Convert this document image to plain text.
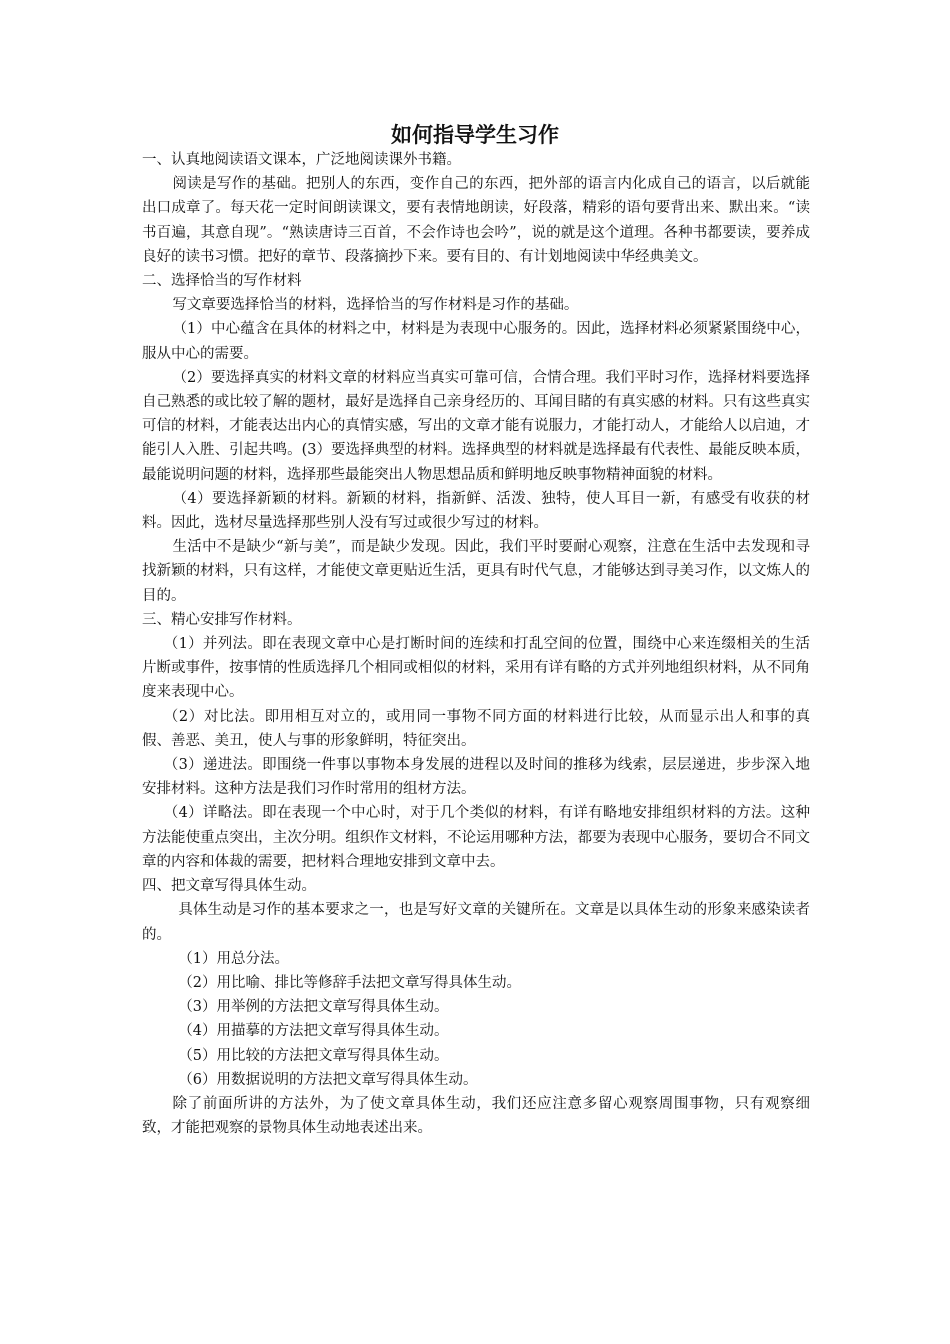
如何指导学生习作

一、认真地阅读语文课本，广泛地阅读课外书籍。

阅读是写作的基础。把别人的东西，变作自己的东西，把外部的语言内化成自己的语言，以后就能出口成章了。每天花一定时间朗读课文，要有表情地朗读，好段落，精彩的语句要背出来、默出来。“读书百遍，其意自现”。“熟读唐诗三百首，不会作诗也会吟”，说的就是这个道理。各种书都要读，要养成良好的读书习惯。把好的章节、段落摘抄下来。要有目的、有计划地阅读中华经典美文。

二、选择恰当的写作材料

写文章要选择恰当的材料，选择恰当的写作材料是习作的基础。

（1）中心蕴含在具体的材料之中，材料是为表现中心服务的。因此，选择材料必须紧紧围绕中心，服从中心的需要。

（2）要选择真实的材料文章的材料应当真实可靠可信，合情合理。我们平时习作，选择材料要选择自己熟悉的或比较了解的题材，最好是选择自己亲身经历的、耳闻目睹的有真实感的材料。只有这些真实可信的材料，才能表达出内心的真情实感，写出的文章才能有说服力，才能打动人，才能给人以启迪，才能引人入胜、引起共鸣。(3）要选择典型的材料。选择典型的材料就是选择最有代表性、最能反映本质，最能说明问题的材料，选择那些最能突出人物思想品质和鲜明地反映事物精神面貌的材料。

（4）要选择新颖的材料。新颖的材料，指新鲜、活泼、独特，使人耳目一新，有感受有收获的材料。因此，选材尽量选择那些别人没有写过或很少写过的材料。

生活中不是缺少“新与美”，而是缺少发现。因此，我们平时要耐心观察，注意在生活中去发现和寻找新颖的材料，只有这样，才能使文章更贴近生活，更具有时代气息，才能够达到寻美习作，以文炼人的目的。

三、精心安排写作材料。

（1）并列法。即在表现文章中心是打断时间的连续和打乱空间的位置，围绕中心来连缀相关的生活片断或事件，按事情的性质选择几个相同或相似的材料，采用有详有略的方式并列地组织材料，从不同角度来表现中心。

（2）对比法。即用相互对立的，或用同一事物不同方面的材料进行比较，从而显示出人和事的真假、善恶、美丑，使人与事的形象鲜明，特征突出。

（3）递进法。即围绕一件事以事物本身发展的进程以及时间的推移为线索，层层递进，步步深入地安排材料。这种方法是我们习作时常用的组材方法。

（4）详略法。即在表现一个中心时，对于几个类似的材料，有详有略地安排组织材料的方法。这种方法能使重点突出，主次分明。组织作文材料，不论运用哪种方法，都要为表现中心服务，要切合不同文章的内容和体裁的需要，把材料合理地安排到文章中去。

四、把文章写得具体生动。

具体生动是习作的基本要求之一，也是写好文章的关键所在。文章是以具体生动的形象来感染读者的。

（1）用总分法。

（2）用比喻、排比等修辞手法把文章写得具体生动。

（3）用举例的方法把文章写得具体生动。

（4）用描摹的方法把文章写得具体生动。

（5）用比较的方法把文章写得具体生动。

（6）用数据说明的方法把文章写得具体生动。

除了前面所讲的方法外，为了使文章具体生动，我们还应注意多留心观察周围事物，只有观察细致，才能把观察的景物具体生动地表述出来。
